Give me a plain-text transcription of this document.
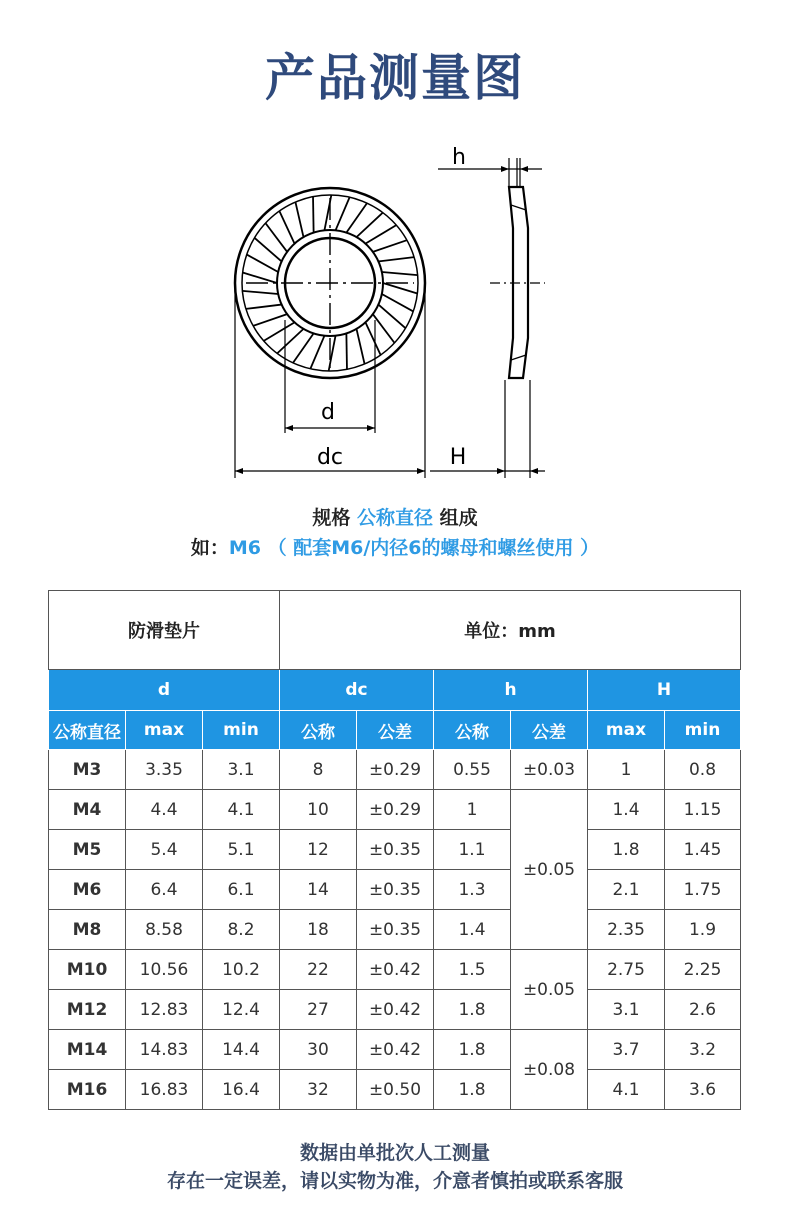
产品测量图
d
dc
h
H
规格 公称直径 组成
如：M6 （ 配套M6/内径6的螺母和螺丝使用 ）
防滑垫片			单位：mm					
d			dc		h		H	
公称直径	max	min	公称	公差	公称	公差	max	min
M3	3.35	3.1	8	±0.29	0.55	±0.03	1	0.8
M4	4.4	4.1	10	±0.29	1	±0.05	1.4	1.15
M5	5.4	5.1	12	±0.35	1.1		1.8	1.45
M6	6.4	6.1	14	±0.35	1.3		2.1	1.75
M8	8.58	8.2	18	±0.35	1.4		2.35	1.9
M10	10.56	10.2	22	±0.42	1.5	±0.05	2.75	2.25
M12	12.83	12.4	27	±0.42	1.8		3.1	2.6
M14	14.83	14.4	30	±0.42	1.8	±0.08	3.7	3.2
M16	16.83	16.4	32	±0.50	1.8		4.1	3.6
数据由单批次人工测量
存在一定误差，请以实物为准，介意者慎拍或联系客服
